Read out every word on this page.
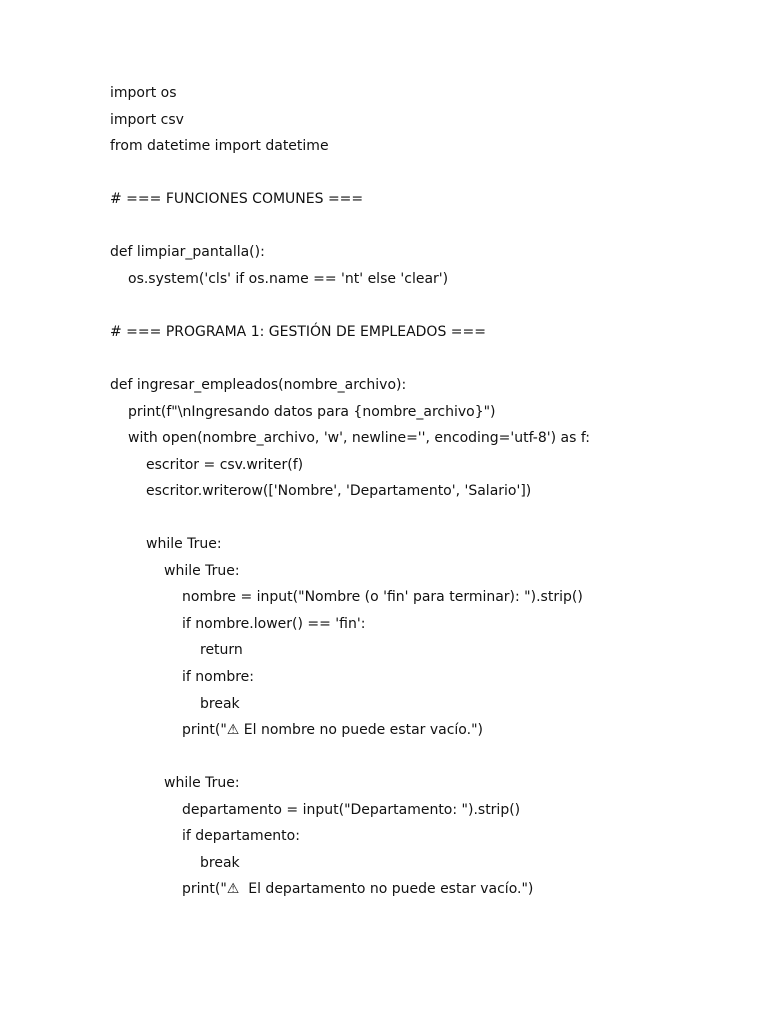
import os
import csv
from datetime import datetime
# === FUNCIONES COMUNES ===
def limpiar_pantalla():
os.system('cls' if os.name == 'nt' else 'clear')
# === PROGRAMA 1: GESTIÓN DE EMPLEADOS ===
def ingresar_empleados(nombre_archivo):
print(f"\nIngresando datos para {nombre_archivo}")
with open(nombre_archivo, 'w', newline='', encoding='utf-8') as f:
escritor = csv.writer(f)
escritor.writerow(['Nombre', 'Departamento', 'Salario'])
while True:
while True:
nombre = input("Nombre (o 'fin' para terminar): ").strip()
if nombre.lower() == 'fin':
return
if nombre:
break
print("⚠ El nombre no puede estar vacío.")
while True:
departamento = input("Departamento: ").strip()
if departamento:
break
print("⚠  El departamento no puede estar vacío.")
